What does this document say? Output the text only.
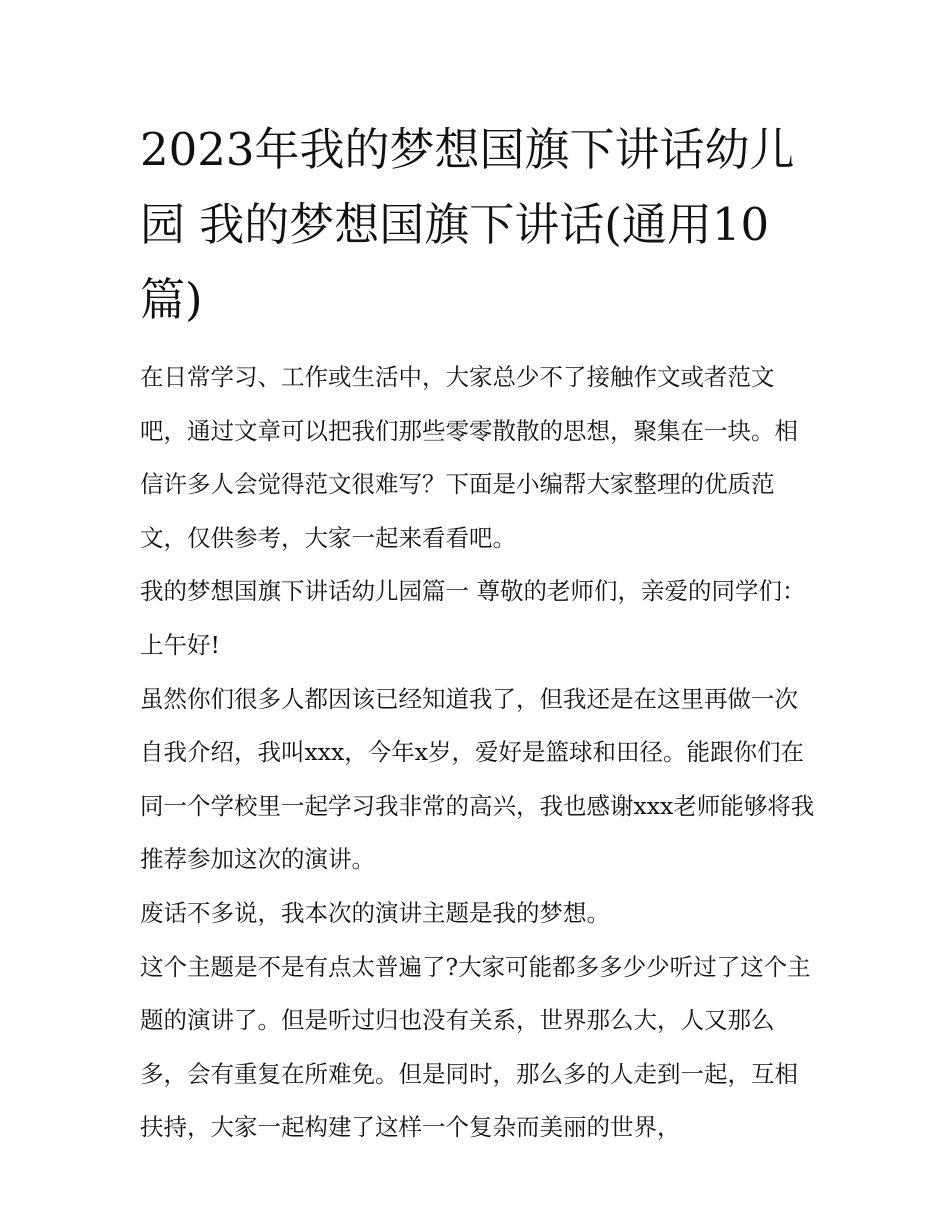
2023年我的梦想国旗下讲话幼儿园 我的梦想国旗下讲话(通用10篇)

在日常学习、工作或生活中，大家总少不了接触作文或者范文吧，通过文章可以把我们那些零零散散的思想，聚集在一块。相信许多人会觉得范文很难写？下面是小编帮大家整理的优质范文，仅供参考，大家一起来看看吧。

我的梦想国旗下讲话幼儿园篇一 尊敬的老师们，亲爱的同学们： 上午好!

虽然你们很多人都因该已经知道我了，但我还是在这里再做一次自我介绍，我叫xxx，今年x岁，爱好是篮球和田径。能跟你们在同一个学校里一起学习我非常的高兴，我也感谢xxx老师能够将我推荐参加这次的演讲。

废话不多说，我本次的演讲主题是我的梦想。

这个主题是不是有点太普遍了?大家可能都多多少少听过了这个主题的演讲了。但是听过归也没有关系，世界那么大，人又那么多，会有重复在所难免。但是同时，那么多的人走到一起，互相扶持，大家一起构建了这样一个复杂而美丽的世界，
